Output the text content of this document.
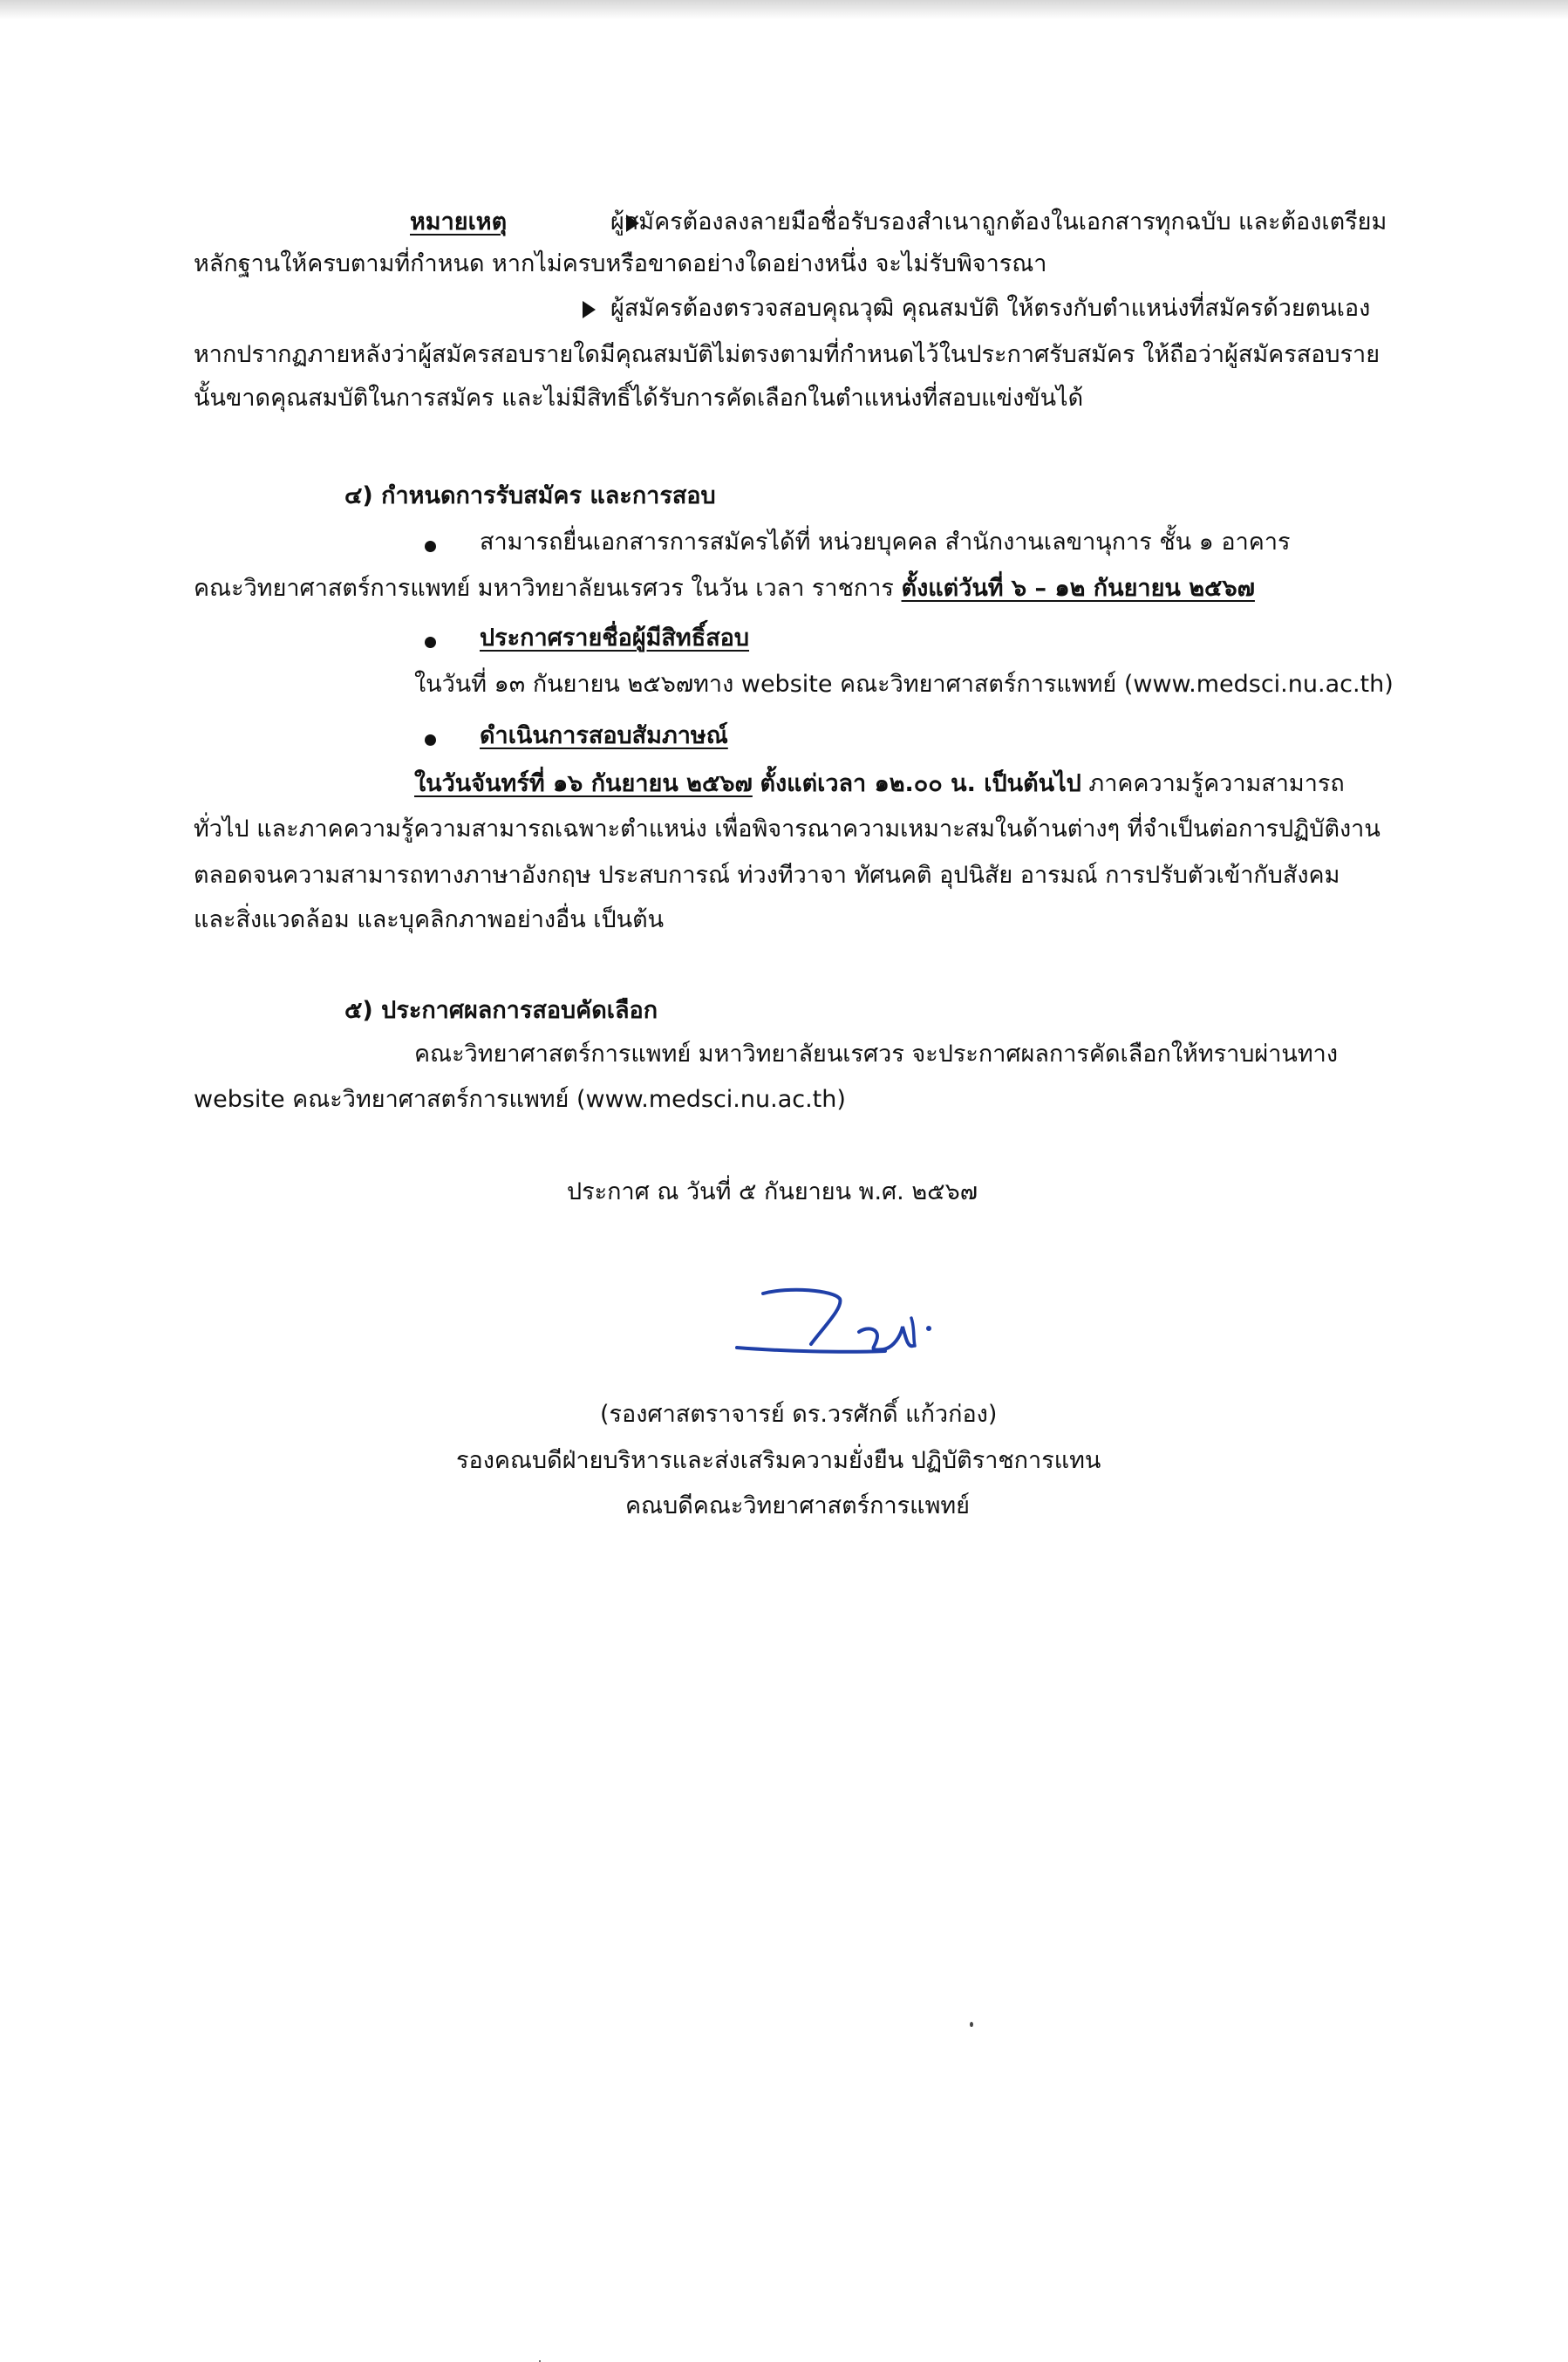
หมายเหตุ	ผู้สมัครต้องลงลายมือชื่อรับรองสำเนาถูกต้องในเอกสารทุกฉบับ และต้องเตรียม
หลักฐานให้ครบตามที่กำหนด หากไม่ครบหรือขาดอย่างใดอย่างหนึ่ง จะไม่รับพิจารณา
ผู้สมัครต้องตรวจสอบคุณวุฒิ คุณสมบัติ ให้ตรงกับตำแหน่งที่สมัครด้วยตนเอง
หากปรากฏภายหลังว่าผู้สมัครสอบรายใดมีคุณสมบัติไม่ตรงตามที่กำหนดไว้ในประกาศรับสมัคร ให้ถือว่าผู้สมัครสอบราย
นั้นขาดคุณสมบัติในการสมัคร และไม่มีสิทธิ์ได้รับการคัดเลือกในตำแหน่งที่สอบแข่งขันได้
๔) กำหนดการรับสมัคร และการสอบ
สามารถยื่นเอกสารการสมัครได้ที่ หน่วยบุคคล สำนักงานเลขานุการ ชั้น ๑ อาคาร
คณะวิทยาศาสตร์การแพทย์ มหาวิทยาลัยนเรศวร ในวัน เวลา ราชการ ตั้งแต่วันที่ ๖ – ๑๒ กันยายน ๒๕๖๗
ประกาศรายชื่อผู้มีสิทธิ์สอบ
ในวันที่ ๑๓ กันยายน ๒๕๖๗ทาง website คณะวิทยาศาสตร์การแพทย์ (www.medsci.nu.ac.th)
ดำเนินการสอบสัมภาษณ์
ในวันจันทร์ที่ ๑๖ กันยายน ๒๕๖๗ ตั้งแต่เวลา ๑๒.๐๐ น. เป็นต้นไป ภาคความรู้ความสามารถ
ทั่วไป และภาคความรู้ความสามารถเฉพาะตำแหน่ง เพื่อพิจารณาความเหมาะสมในด้านต่างๆ ที่จำเป็นต่อการปฏิบัติงาน
ตลอดจนความสามารถทางภาษาอังกฤษ ประสบการณ์ ท่วงทีวาจา ทัศนคติ อุปนิสัย อารมณ์ การปรับตัวเข้ากับสังคม
และสิ่งแวดล้อม และบุคลิกภาพอย่างอื่น เป็นต้น
๕) ประกาศผลการสอบคัดเลือก
คณะวิทยาศาสตร์การแพทย์ มหาวิทยาลัยนเรศวร จะประกาศผลการคัดเลือกให้ทราบผ่านทาง
website คณะวิทยาศาสตร์การแพทย์ (www.medsci.nu.ac.th)
ประกาศ ณ วันที่ ๕ กันยายน พ.ศ. ๒๕๖๗
(รองศาสตราจารย์ ดร.วรศักดิ์ แก้วก่อง)
รองคณบดีฝ่ายบริหารและส่งเสริมความยั่งยืน ปฏิบัติราชการแทน
คณบดีคณะวิทยาศาสตร์การแพทย์
